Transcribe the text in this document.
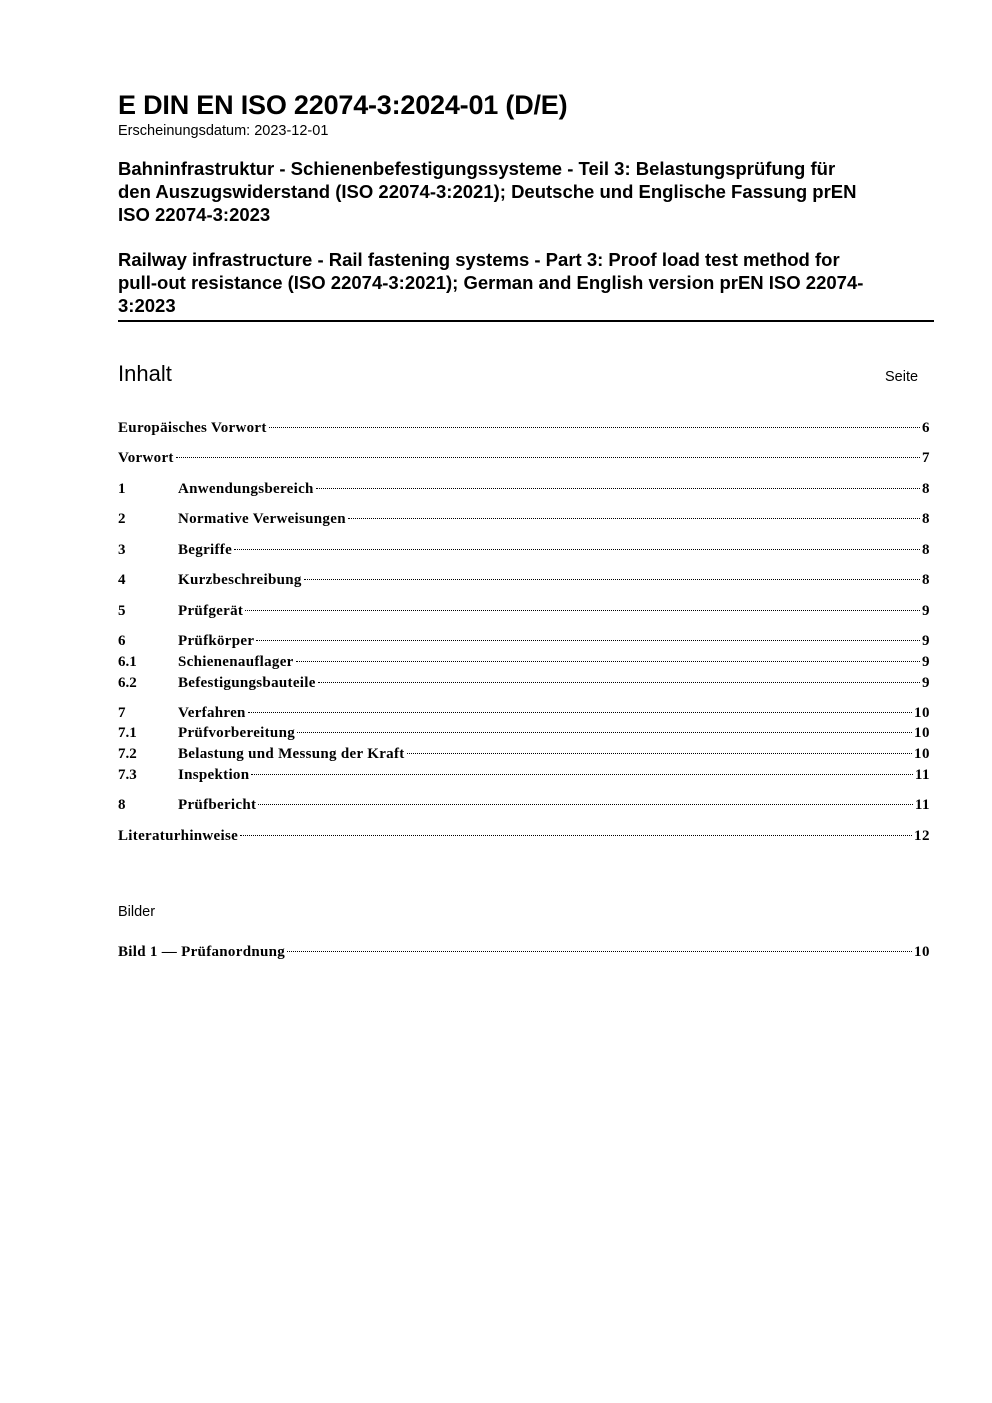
E DIN EN ISO 22074-3:2024-01 (D/E)

Erscheinungsdatum: 2023-12-01

Bahninfrastruktur - Schienenbefestigungssysteme - Teil 3: Belastungsprüfung für

den Auszugswiderstand (ISO 22074-3:2021); Deutsche und Englische Fassung prEN

ISO 22074-3:2023

Railway infrastructure - Rail fastening systems - Part 3: Proof load test method for

pull-out resistance (ISO 22074-3:2021); German and English version prEN ISO 22074-

3:2023

Inhalt	Seite
Europäisches Vorwort	6
Vorwort	7
1	Anwendungsbereich	8
2	Normative Verweisungen	8
3	Begriffe	8
4	Kurzbeschreibung	8
5	Prüfgerät	9
6	Prüfkörper	9
6.1	Schienenauflager	9
6.2	Befestigungsbauteile	9
7	Verfahren	10
7.1	Prüfvorbereitung	10
7.2	Belastung und Messung der Kraft	10
7.3	Inspektion	11
8	Prüfbericht	11
Literaturhinweise	12
Bild 1 — Prüfanordnung	10
Bilder
